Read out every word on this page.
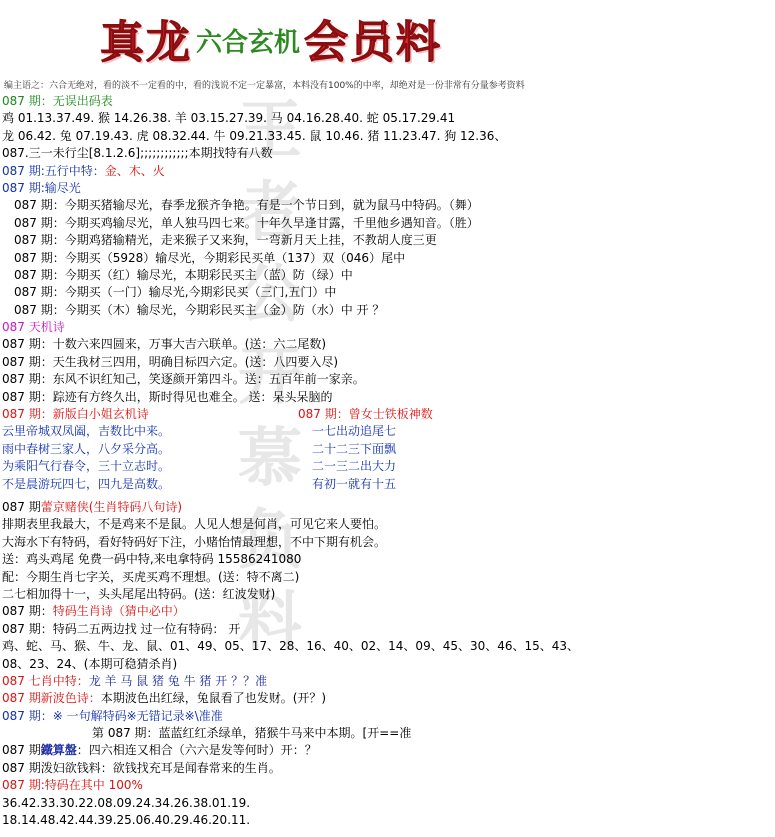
真龙 六合玄机会员料
编主语之：六合无绝对，看的淡不一定看的中，看的浅说不定一定暴富，本料没有100%的中率，却绝对是一份非常有分量参考资料
王
者
公
开
慕
负
料
087 期：无误出码表
鸡 01.13.37.49. 猴 14.26.38. 羊 03.15.27.39. 马 04.16.28.40. 蛇 05.17.29.41
龙 06.42. 兔 07.19.43. 虎 08.32.44. 牛 09.21.33.45. 鼠 10.46. 猪 11.23.47. 狗 12.36、
087.三一未行尘[8.1.2.6];;;;;;;;;;;;本期找特有八数
087 期:五行中特：金、木、火
087 期:输尽光
087 期：今期买猪输尽光，春季龙猴齐争艳。有是一个节日到，就为鼠马中特码。（舞）
087 期：今期买鸡输尽光，单人独马四七来。十年久旱逢甘露，千里他乡遇知音。（胜）
087 期：今期鸡猪输精光，走来猴子又来狗，一弯新月天上挂，不教胡人度三更
087 期：今期买（5928）输尽光，今期彩民买单（137）双（046）尾中
087 期：今期买（红）输尽光，本期彩民买主（蓝）防（绿）中
087 期：今期买（一门）输尽光,今期彩民买（三门,五门）中
087 期：今期买（木）输尽光，今期彩民买主（金）防（水）中 开 ？
087 天机诗
087 期：十数六来四圆来，万事大吉六联单。(送：六二尾数)
087 期：天生我材三四用，明确目标四六定。(送：八四要入尽)
087 期：东风不识红知己，笑逐颜开第四斗。送：五百年前一家亲。
087 期：踪迹有方终久出，斯时得见也难全。 送：呆头呆脑的
087 期：新版白小姐玄机诗	087 期：曾女士铁板神数
云里帝城双凤阖，吉数比中来。
雨中春树三家人，八夕采分高。
为乘阳气行春令，三十立志时。
不是晨游玩四七，四九是高数。
一七出动追尾七
二十二三下面飘
二一三二出大力
有初一就有十五
087 期蕾京赌侠(生肖特码八句诗)
排期表里我最大，不是鸡来不是鼠。人见人想是何肖，可见它来人要怕。
大海水下有特码，看好特码好下注，小赌怡情最理想，不中下期有机会。
送：鸡头鸡尾 免费一码中特,来电拿特码 15586241080
配：今期生肖七字关，买虎买鸡不理想。(送：特不离二)
二七相加得十一，头头尾尾出特码。(送：红波发财)
087 期：特码生肖诗（猜中必中）
087 期：特码二五两边找 过一位有特码： 开
鸡、蛇、马、猴、牛、龙、鼠、01、49、05、17、28、16、40、02、14、09、45、30、46、15、43、
08、23、24、(本期可稳猜杀肖)
087 七肖中特：龙 羊 马 鼠 猪 兔 牛 猪 开 ？？准
087 期新波色诗：本期波色出红绿，兔鼠看了也发财。(开？)
087 期：※ 一句解特码※无错记录※\准准
第 087 期：蓝蓝红红杀绿单，猪猴牛马来中本期。[开==准
087 期鐵算盤：四六相连又相合（六六是发等何时）开：？
087 期泼妇欲钱料：欲钱找充耳是闻春常来的生肖。
087 期:特码在其中 100%
36.42.33.30.22.08.09.24.34.26.38.01.19.
18.14.48.42.44.39.25.06.40.29.46.20.11.
